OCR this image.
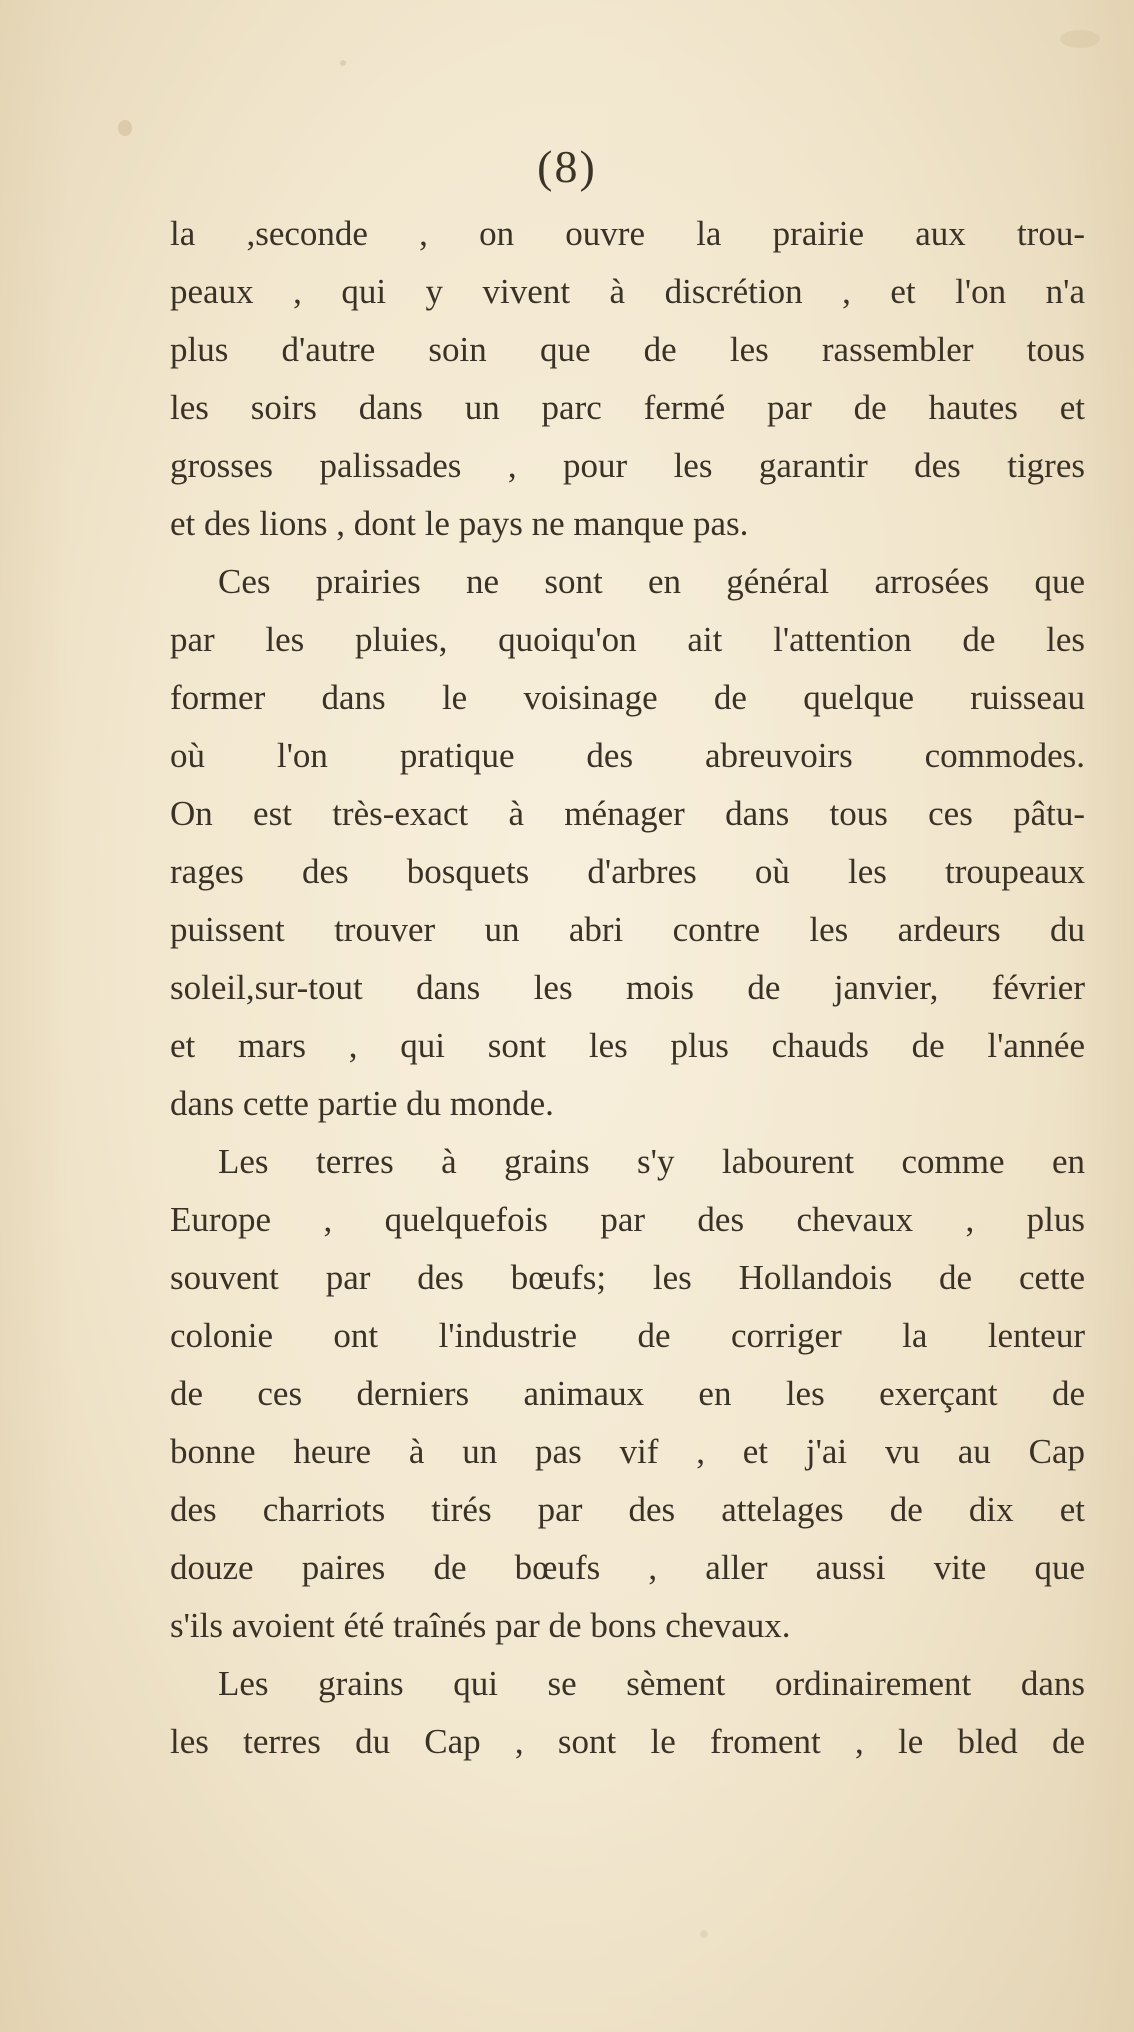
(8)
la ,seconde , on ouvre la prairie aux trou-
peaux , qui y vivent à discrétion , et l'on n'a
plus d'autre soin que de les rassembler tous
les soirs dans un parc fermé par de hautes et
grosses palissades , pour les garantir des tigres
et des lions , dont le pays ne manque pas.
Ces prairies ne sont en général arrosées que
par les pluies, quoiqu'on ait l'attention de les
former dans le voisinage de quelque ruisseau
où l'on pratique des abreuvoirs commodes.
On est très-exact à ménager dans tous ces pâtu-
rages des bosquets d'arbres où les troupeaux
puissent trouver un abri contre les ardeurs du
soleil,sur-tout dans les mois de janvier, février
et mars , qui sont les plus chauds de l'année
dans cette partie du monde.
Les terres à grains s'y labourent comme en
Europe , quelquefois par des chevaux , plus
souvent par des bœufs; les Hollandois de cette
colonie ont l'industrie de corriger la lenteur
de ces derniers animaux en les exerçant de
bonne heure à un pas vif , et j'ai vu au Cap
des charriots tirés par des attelages de dix et
douze paires de bœufs , aller aussi vite que
s'ils avoient été traînés par de bons chevaux.
Les grains qui se sèment ordinairement dans
les terres du Cap , sont le froment , le bled de
